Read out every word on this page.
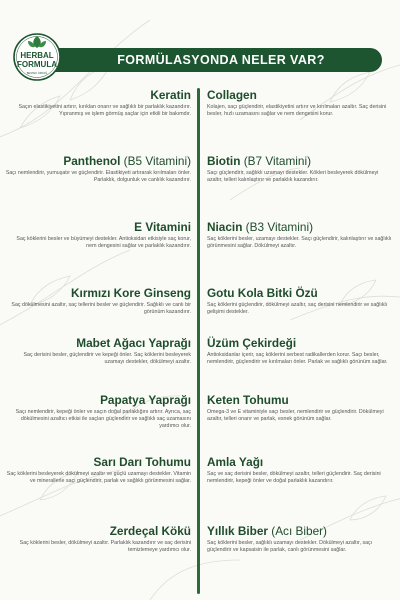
HERBAL
FORMULA
BESTEK ÖZDOĞ
FORMÜLASYONDA NELER VAR?

Keratin

Saçın elastikiyetini artırır, kırıklan onarır ve sağlıklı bir parlaklık kazandırır. Yıpranmış ve işlem görmüş saçlar için etkili bir bakımdır.

Panthenol (B5 Vitamini)

Saçı nemlendirir, yumuşatır ve güçlendirir. Elastikiyeti artırarak kırılmaları önler. Parlaklık, dolgunluk ve canlılık kazandırır.

E Vitamini

Saç köklerini besler ve büyümeyi destekler. Antioksidan etkisiyle saç korur, nem dengesini sağlar ve parlaklık kazandırır.

Kırmızı Kore Ginseng

Saç dökülmesini azaltır, saç tellerini besler ve güçlendirir. Sağlıklı ve canlı bir görünüm kazandırır.

Mabet Ağacı Yaprağı

Saç derisini besler, güçlendirir ve kepeği önler. Saç köklerini besleyerek uzamayı destekler, dökülmeyi azaltır.

Papatya Yaprağı

Saçı nemlendirir, kepeği önler ve saçın doğal parlaklığını artırır. Ayrıca, saç dökülmesini azaltıcı etkisi ile saçları güçlendirir ve sağlıklı saç uzamasını yardımcı olur.

Sarı Darı Tohumu

Saç köklerini besleyerek dökülmeyi azaltır ve güçlü uzamayı destekler. Vitamin ve minerallerle saçı güçlendirir, parlak ve sağlıklı görünmesini sağlar.

Zerdeçal Kökü

Saç köklerini besler, dökülmeyi azaltır. Parlaklık kazandırır ve saç derisini temizlemeye yardımcı olur.

Collagen

Kolajen, saçı güçlendirir, elastikiyetini artırır ve kırılmaları azaltır. Saç derisini besler, hızlı uzamasını sağlar ve nem dengesini korur.

Biotin (B7 Vitamini)

Saçı güçlendirir, sağlıklı uzamayı destekler. Kökleri besleyerek dökülmeyi azaltır, telleri kalınlaştırır ve parlaklık kazandırır.

Niacin (B3 Vitamini)

Saç köklerini besler, uzamayı destekler. Saçı güçlendirir, kalınlaştırır ve sağlıklı görünmesini sağlar. Dökülmeyi azaltır.

Gotu Kola Bitki Özü

Saç köklerini güçlendirir, dökülmeyi azaltır, saç derisini nemlendirir ve sağlıklı gelişimi destekler.

Üzüm Çekirdeği

Antioksidanlar içerir, saç köklerini serbest radikallerden korur. Saçı besler, nemlendirir, güçlendirir ve kırılmaları önler. Parlak ve sağlıklı görünüm sağlar.

Keten Tohumu

Omega-3 ve E vitaminiyle saçı besler, nemlendirir ve güçlendirir. Dökülmeyi azaltır, telleri onarır ve parlak, esnek görünüm sağlar.

Amla Yağı

Saç ve saç derisini besler, dökülmeyi azaltır, telleri güçlendirir. Saç derisini nemlendirir, kepeği önler ve doğal parlaklık kazandırır.

Yıllık Biber (Acı Biber)

Saç köklerini besler, sağlıklı uzamayı destekler. Dökülmeyi azaltır, saçı güçlendirir ve kapsaisin ile parlak, canlı görünmesini sağlar.
